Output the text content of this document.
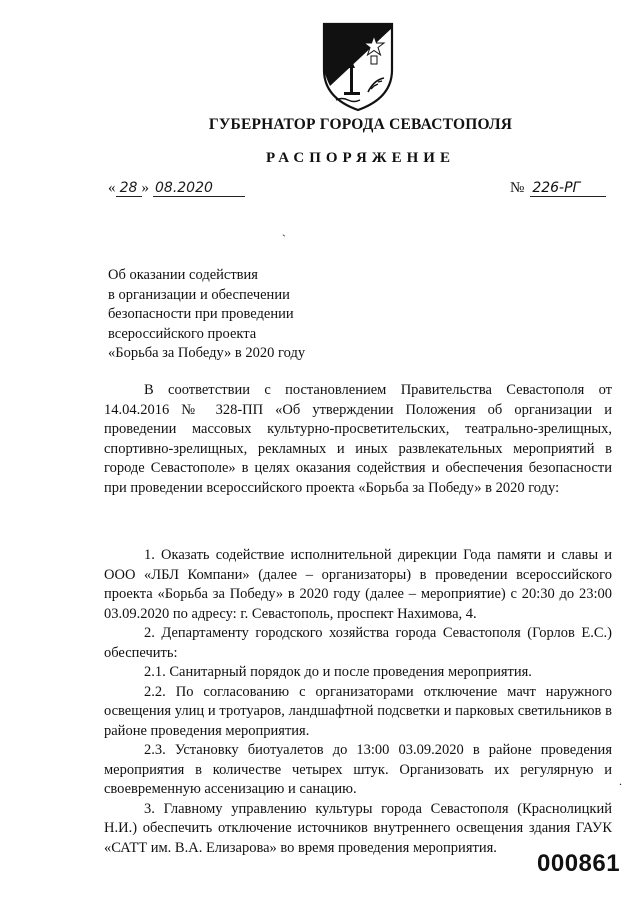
ГУБЕРНАТОР ГОРОДА СЕВАСТОПОЛЯ
РАСПОРЯЖЕНИЕ
« 28 » 08.2020	№ 226-РГ
ˋ
Об оказании содействия
в организации и обеспечении
безопасности при проведении
всероссийского проекта
«Борьба за Победу» в 2020 году

В соответствии с постановлением Правительства Севастополя от 14.04.2016 № 328-ПП «Об утверждении Положения об организации и проведении массовых культурно-просветительских, театрально-зрелищных, спортивно-зрелищных, рекламных и иных развлекательных мероприятий в городе Севастополе» в целях оказания содействия и обеспечения безопасности при проведении всероссийского проекта «Борьба за Победу» в 2020 году:

1. Оказать содействие исполнительной дирекции Года памяти и славы и ООО «ЛБЛ Компани» (далее – организаторы) в проведении всероссийского проекта «Борьба за Победу» в 2020 году (далее – мероприятие) с 20:30 до 23:00 03.09.2020 по адресу: г. Севастополь, проспект Нахимова, 4.

2. Департаменту городского хозяйства города Севастополя (Горлов Е.С.) обеспечить:

2.1. Санитарный порядок до и после проведения мероприятия.

2.2. По согласованию с организаторами отключение мачт наружного освещения улиц и тротуаров, ландшафтной подсветки и парковых светильников в районе проведения мероприятия.

2.3. Установку биотуалетов до 13:00 03.09.2020 в районе проведения мероприятия в количестве четырех штук. Организовать их регулярную и своевременную ассенизацию и санацию.

3. Главному управлению культуры города Севастополя (Краснолицкий Н.И.) обеспечить отключение источников внутреннего освещения здания ГАУК «САТТ им. В.А. Елизарова» во время проведения мероприятия.

.
000861
